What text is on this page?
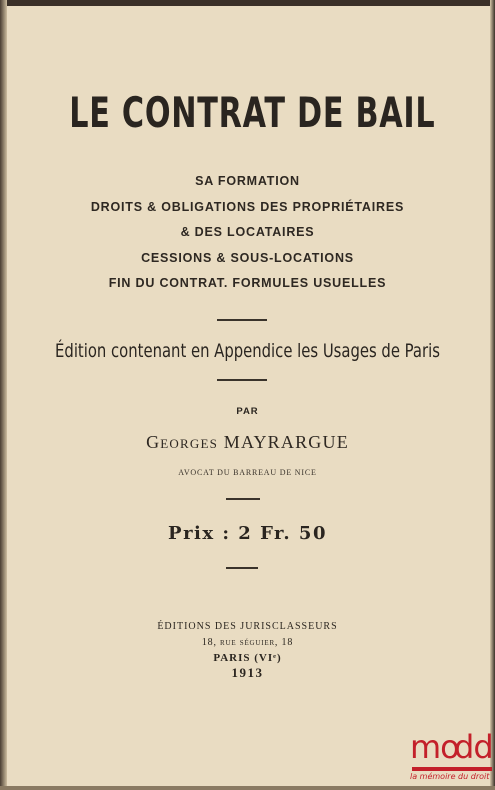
LE CONTRAT DE BAIL
SA FORMATION
DROITS & OBLIGATIONS DES PROPRIÉTAIRES
& DES LOCATAIRES
CESSIONS & SOUS-LOCATIONS
FIN DU CONTRAT. FORMULES USUELLES
Édition contenant en Appendice les Usages de Paris
PAR
Georges MAYRARGUE
AVOCAT DU BARREAU DE NICE
Prix : 2 Fr. 50
ÉDITIONS DES JURISCLASSEURS
18, rue séguier, 18
PARIS (VIᵉ)
1913
mo
dd
la mémoire du droit
